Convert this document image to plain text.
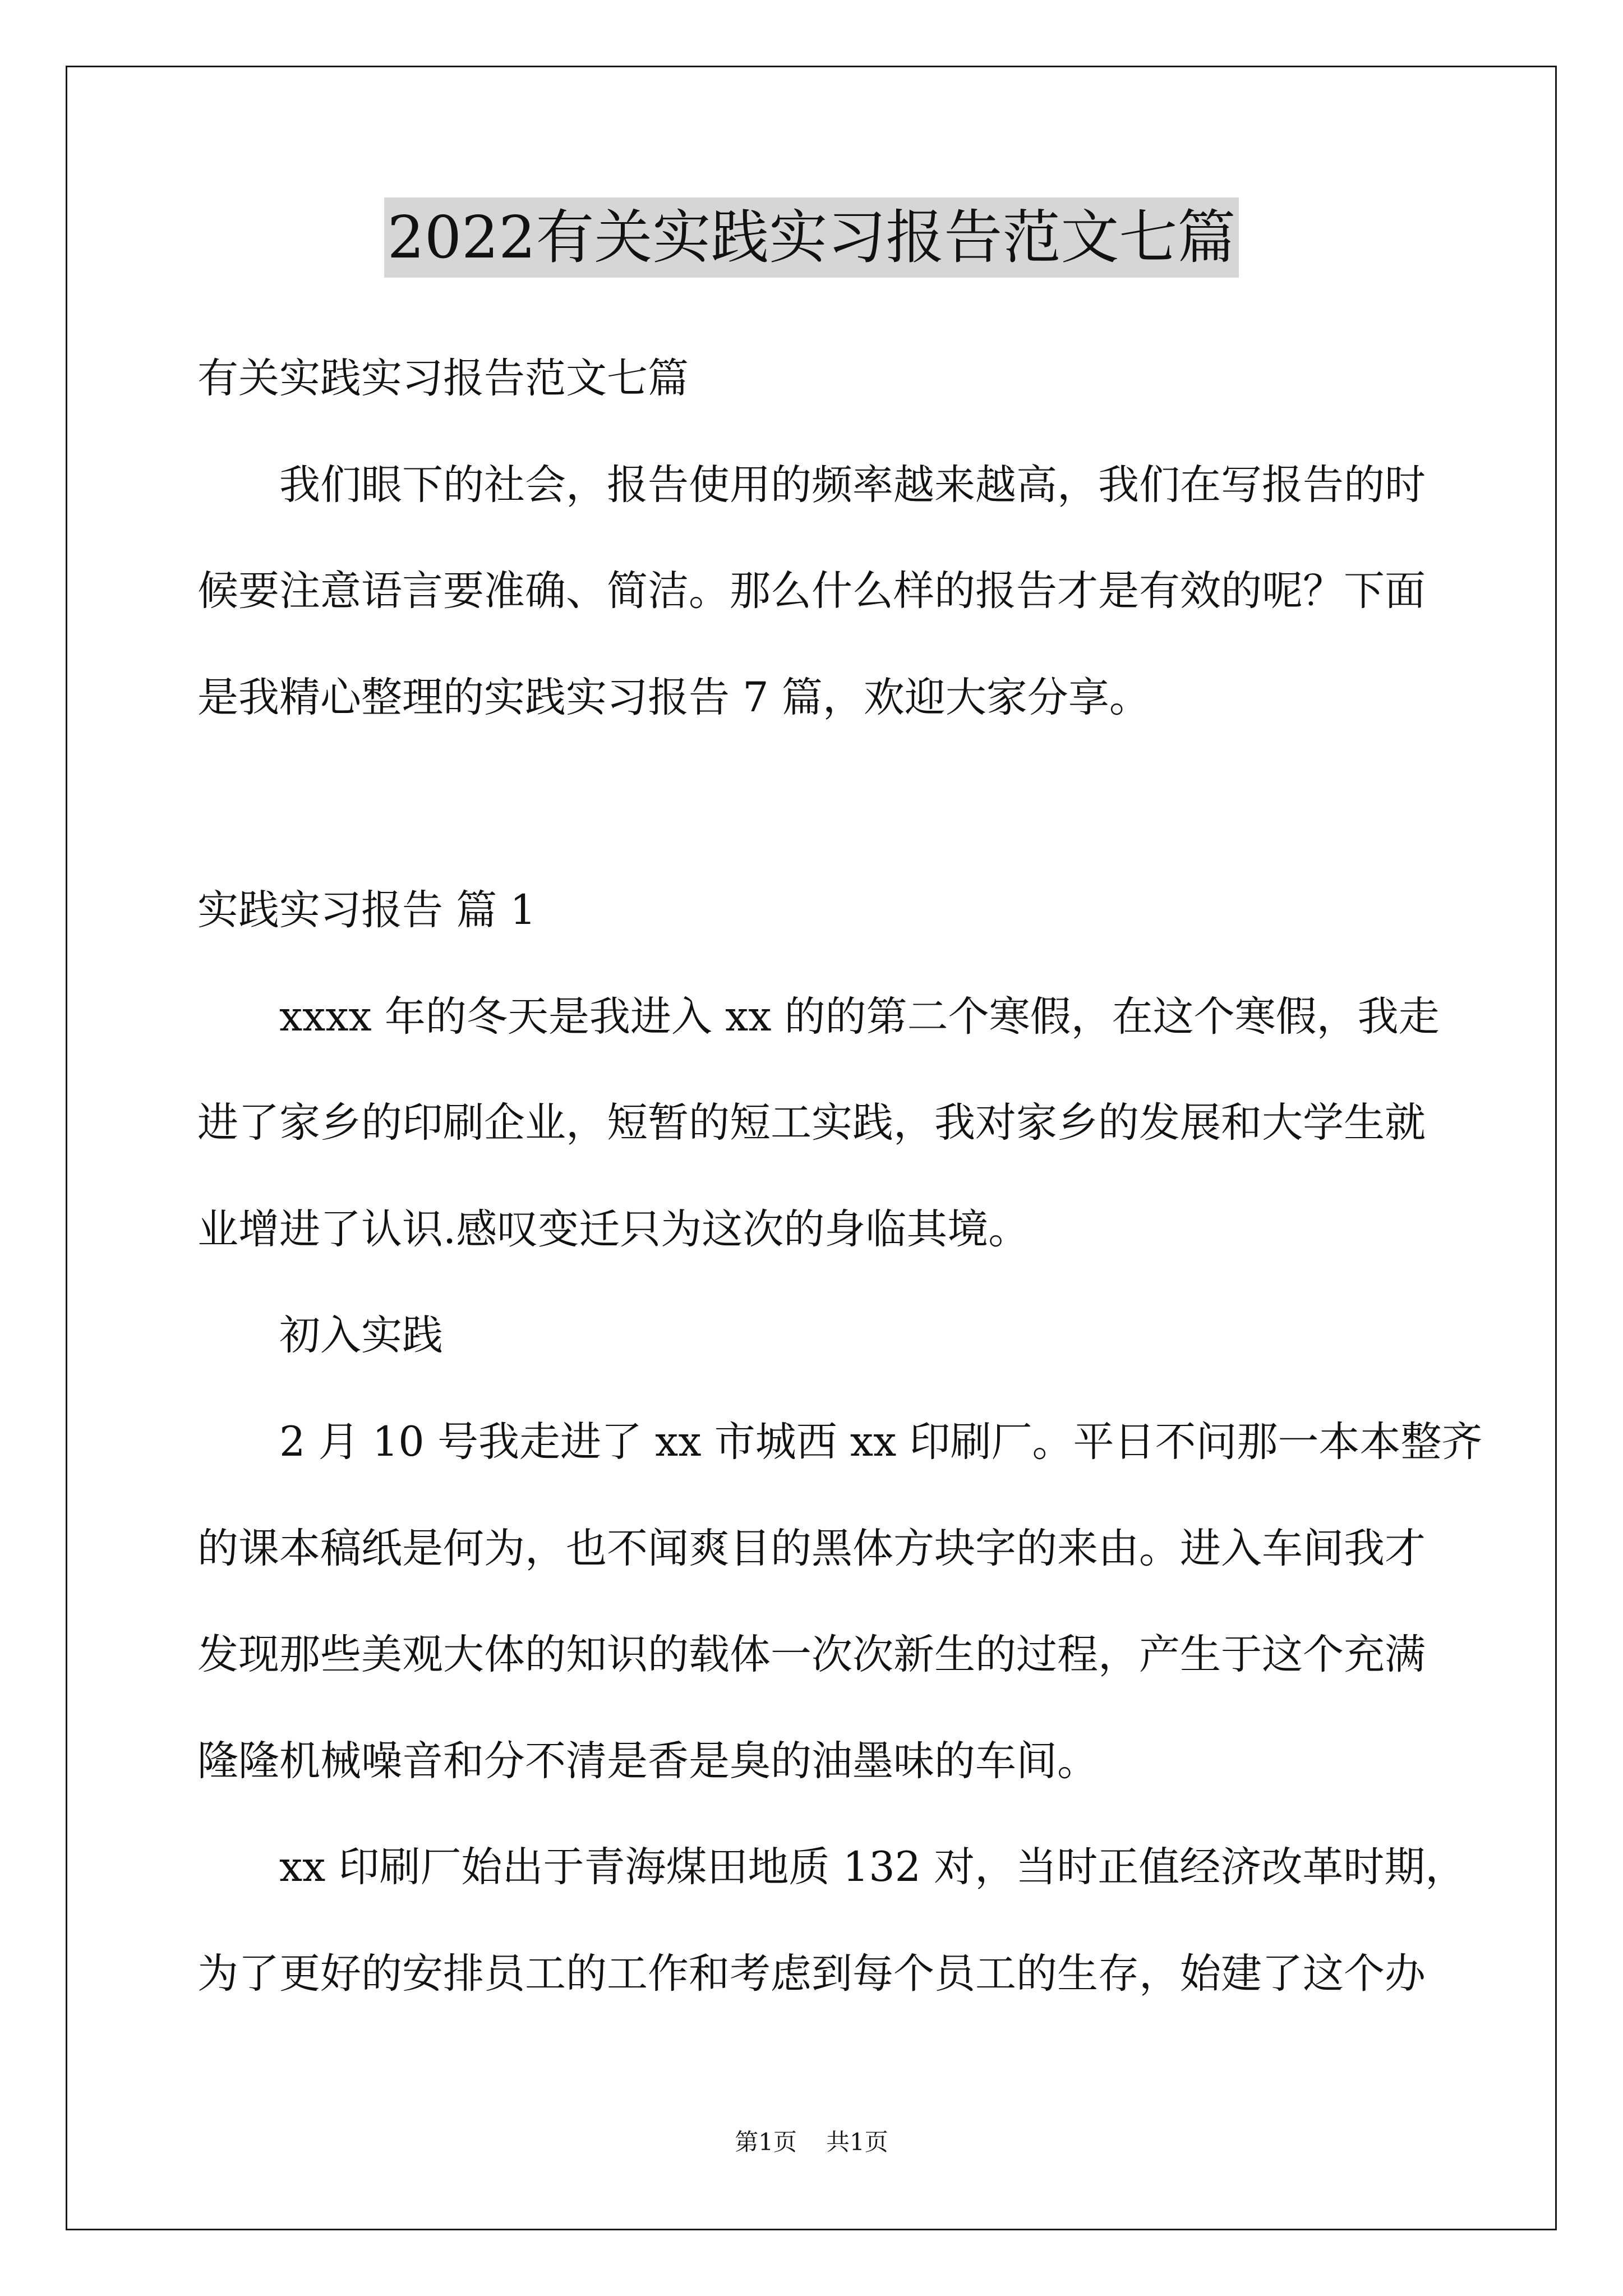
2022有关实践实习报告范文七篇
有关实践实习报告范文七篇
我们眼下的社会，报告使用的频率越来越高，我们在写报告的时
候要注意语言要准确、简洁。那么什么样的报告才是有效的呢？下面
是我精心整理的实践实习报告 7 篇，欢迎大家分享。
实践实习报告 篇 1
xxxx 年的冬天是我进入 xx 的的第二个寒假，在这个寒假，我走
进了家乡的印刷企业，短暂的短工实践，我对家乡的发展和大学生就
业增进了认识.感叹变迁只为这次的身临其境。
初入实践
2 月 10 号我走进了 xx 市城西 xx 印刷厂。平日不问那一本本整齐
的课本稿纸是何为，也不闻爽目的黑体方块字的来由。进入车间我才
发现那些美观大体的知识的载体一次次新生的过程，产生于这个充满
隆隆机械噪音和分不清是香是臭的油墨味的车间。
xx 印刷厂始出于青海煤田地质 132 对，当时正值经济改革时期，
为了更好的安排员工的工作和考虑到每个员工的生存，始建了这个办
第1页 共1页
